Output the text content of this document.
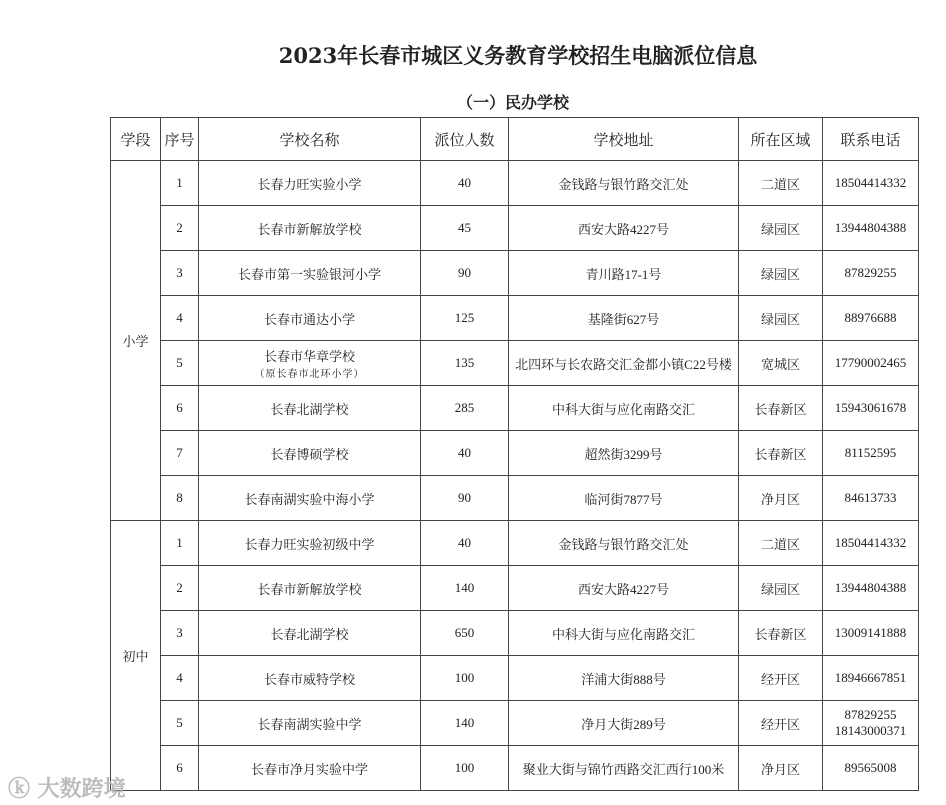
2023年长春市城区义务教育学校招生电脑派位信息
（一）民办学校
学段	序号	学校名称	派位人数	学校地址	所在区域	联系电话
小学	1	长春力旺实验小学	40	金钱路与银竹路交汇处	二道区	18504414332
	2	长春市新解放学校	45	西安大路4227号	绿园区	13944804388
	3	长春市第一实验银河小学	90	青川路17-1号	绿园区	87829255
	4	长春市通达小学	125	基隆街627号	绿园区	88976688
	5	长春市华章学校
（原长春市北环小学）	135	北四环与长农路交汇金都小镇C22号楼	宽城区	17790002465
	6	长春北湖学校	285	中科大街与应化南路交汇	长春新区	15943061678
	7	长春博硕学校	40	超然街3299号	长春新区	81152595
	8	长春南湖实验中海小学	90	临河街7877号	净月区	84613733
初中	1	长春力旺实验初级中学	40	金钱路与银竹路交汇处	二道区	18504414332
	2	长春市新解放学校	140	西安大路4227号	绿园区	13944804388
	3	长春北湖学校	650	中科大街与应化南路交汇	长春新区	13009141888
	4	长春市威特学校	100	洋浦大街888号	经开区	18946667851
	5	长春南湖实验中学	140	净月大街289号	经开区	87829255
18143000371
	6	长春市净月实验中学	100	聚业大街与锦竹西路交汇西行100米	净月区	89565008
ⓚ 大数跨境
